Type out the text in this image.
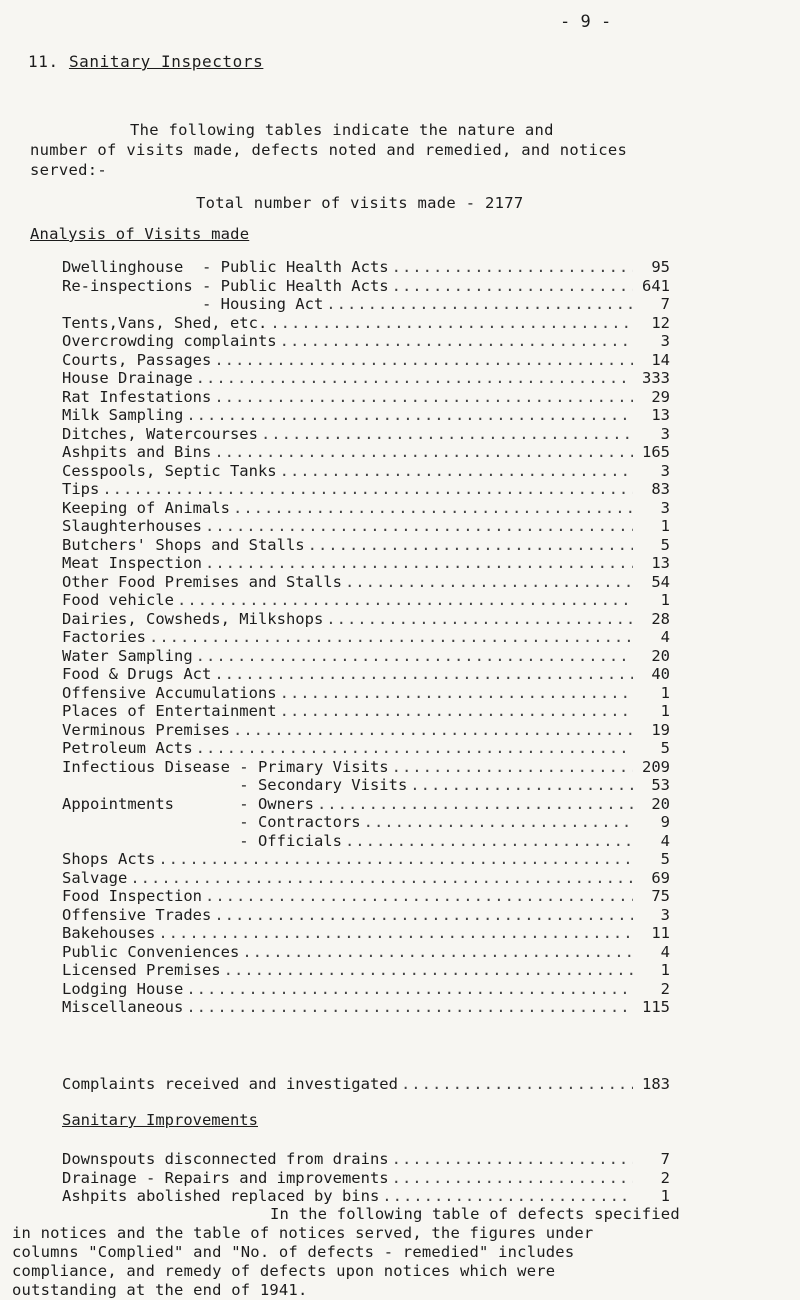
- 9 -
11. Sanitary Inspectors
The following tables indicate the nature and
number of visits made, defects noted and remedied, and notices
served:-
Total number of visits made - 2177
Analysis of Visits made
Dwellinghouse  - Public Health Acts .....	95
Re-inspections - Public Health Acts .....	641
- Housing Act .....	7
Tents,Vans, Shed, etc. .....	12
Overcrowding complaints .....	3
Courts, Passages .....	14
House Drainage .....	333
Rat Infestations .....	29
Milk Sampling .....	13
Ditches, Watercourses .....	3
Ashpits and Bins .....	165
Cesspools, Septic Tanks .....	3
Tips .....	83
Keeping of Animals .....	3
Slaughterhouses .....	1
Butchers' Shops and Stalls .....	5
Meat Inspection .....	13
Other Food Premises and Stalls .....	54
Food vehicle .....	1
Dairies, Cowsheds, Milkshops .....	28
Factories .....	4
Water Sampling .....	20
Food & Drugs Act .....	40
Offensive Accumulations .....	1
Places of Entertainment .....	1
Verminous Premises .....	19
Petroleum Acts .....	5
Infectious Disease - Primary Visits .....	209
- Secondary Visits .....	53
Appointments       - Owners .....	20
- Contractors .....	9
- Officials .....	4
Shops Acts .....	5
Salvage .....	69
Food Inspection .....	75
Offensive Trades .....	3
Bakehouses .....	11
Public Conveniences .....	4
Licensed Premises .....	1
Lodging House .....	2
Miscellaneous .....	115
Complaints received and investigated .....	183
Sanitary Improvements
Downspouts disconnected from drains .....	7
Drainage - Repairs and improvements .....	2
Ashpits abolished replaced by bins .....	1
In the following table of defects specified
in notices and the table of notices served, the figures under
columns "Complied" and "No. of defects - remedied" includes
compliance, and remedy of defects upon notices which were
outstanding at the end of 1941.
